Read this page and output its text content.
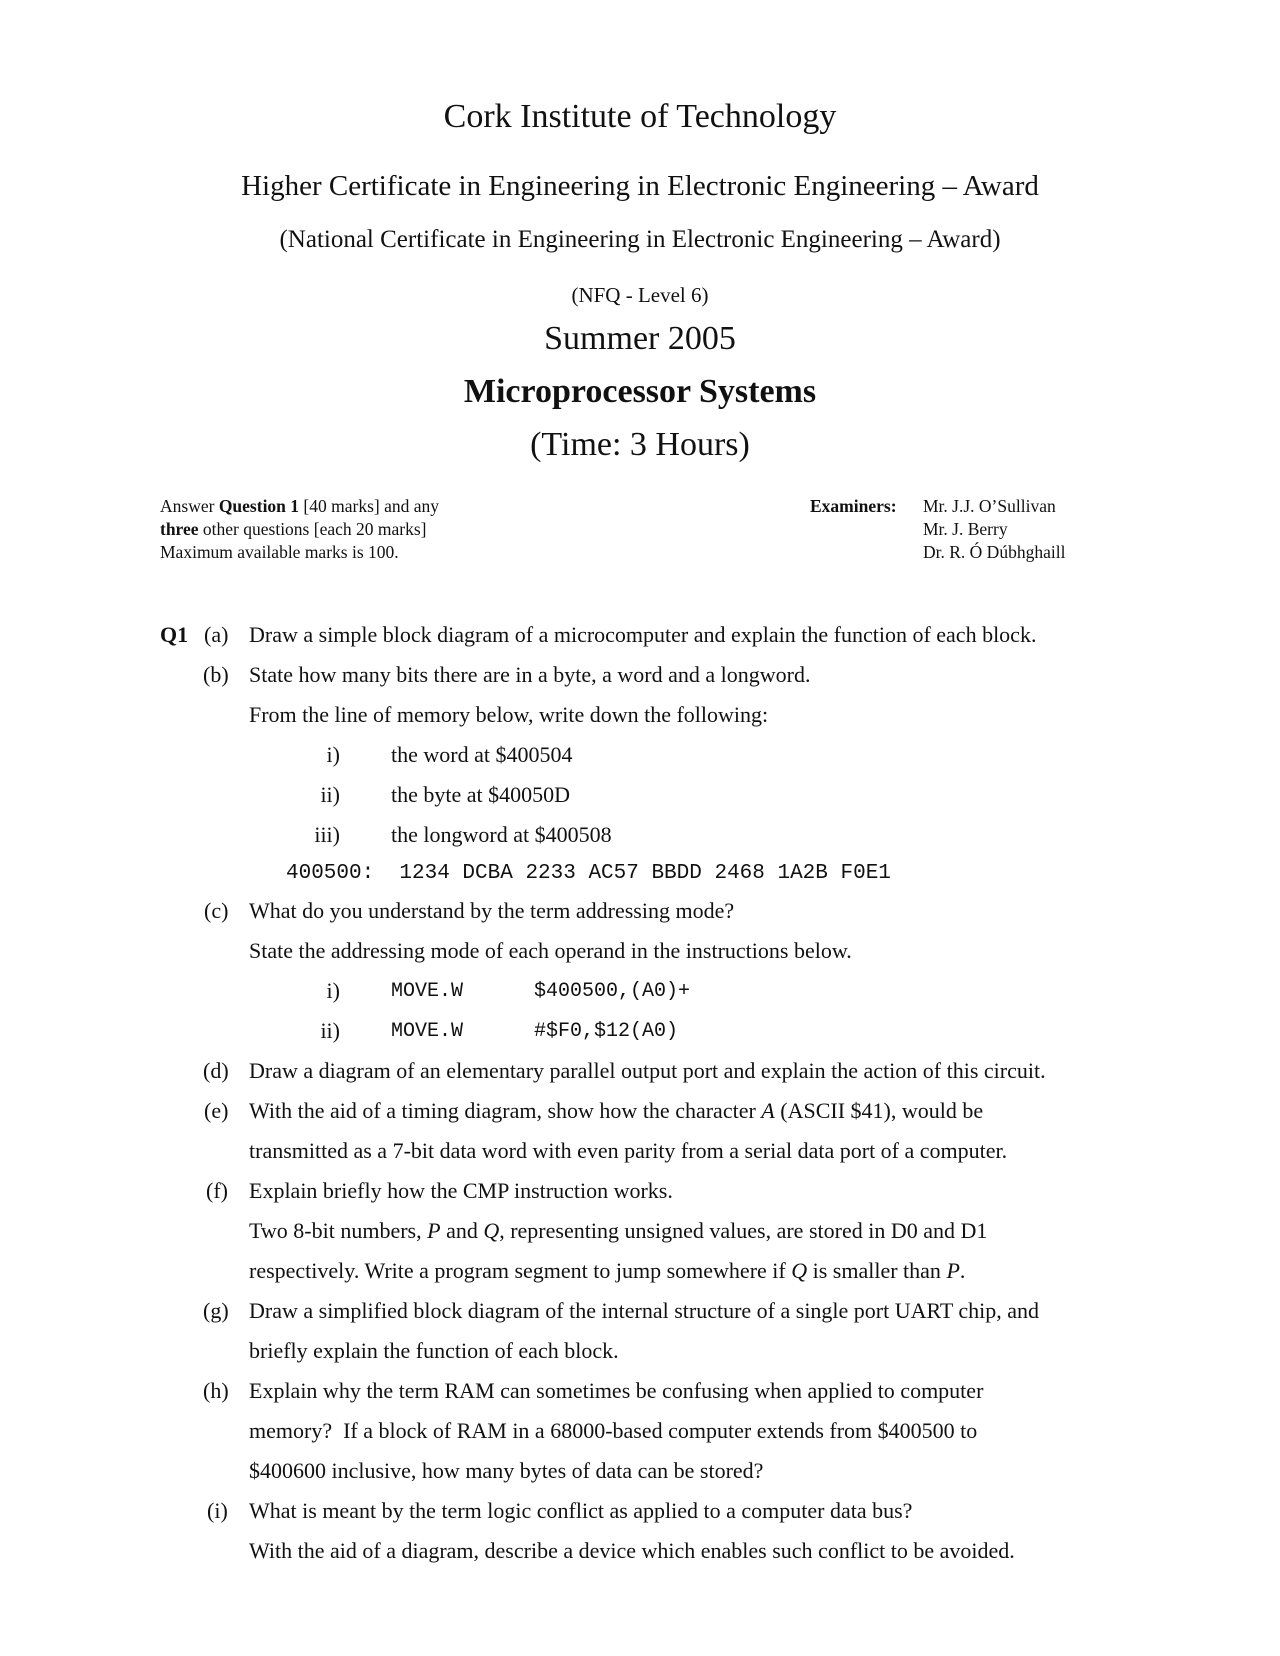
Cork Institute of Technology
Higher Certificate in Engineering in Electronic Engineering – Award
(National Certificate in Engineering in Electronic Engineering – Award)
(NFQ - Level 6)
Summer 2005
Microprocessor Systems
(Time: 3 Hours)
Answer Question 1 [40 marks] and any
three other questions [each 20 marks]
Maximum available marks is 100.
Examiners: Mr. J.J. O’Sullivan
Mr. J. Berry
Dr. R. Ó Dúbhghaill
Q1 (a) Draw a simple block diagram of a microcomputer and explain the function of each block.
(b) State how many bits there are in a byte, a word and a longword.
From the line of memory below, write down the following:
i) the word at $400504
ii) the byte at $40050D
iii) the longword at $400508
400500:  1234 DCBA 2233 AC57 BBDD 2468 1A2B F0E1
(c) What do you understand by the term addressing mode?
State the addressing mode of each operand in the instructions below.
i)	MOVE.W	$400500,(A0)+
ii)	MOVE.W	#$F0,$12(A0)
(d) Draw a diagram of an elementary parallel output port and explain the action of this circuit.
(e) With the aid of a timing diagram, show how the character A (ASCII $41), would be
transmitted as a 7-bit data word with even parity from a serial data port of a computer.
(f) Explain briefly how the CMP instruction works.
Two 8-bit numbers, P and Q, representing unsigned values, are stored in D0 and D1
respectively. Write a program segment to jump somewhere if Q is smaller than P.
(g) Draw a simplified block diagram of the internal structure of a single port UART chip, and
briefly explain the function of each block.
(h) Explain why the term RAM can sometimes be confusing when applied to computer
memory?  If a block of RAM in a 68000-based computer extends from $400500 to
$400600 inclusive, how many bytes of data can be stored?
(i) What is meant by the term logic conflict as applied to a computer data bus?
With the aid of a diagram, describe a device which enables such conflict to be avoided.
